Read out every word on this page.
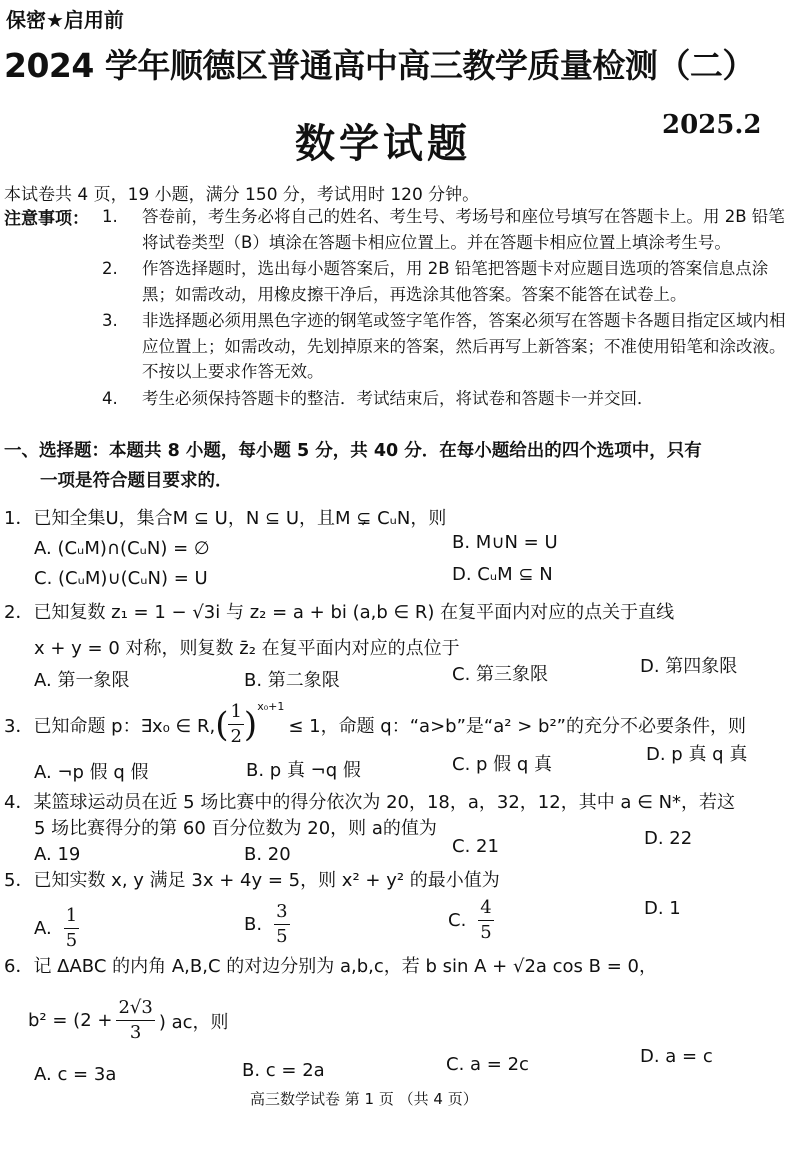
保密★启用前
2024 学年顺德区普通高中高三教学质量检测（二）
数学试题	2025.2
本试卷共 4 页，19 小题，满分 150 分，考试用时 120 分钟。
注意事项： 1.	答卷前，考生务必将自己的姓名、考生号、考场号和座位号填写在答题卡上。用 2B 铅笔将试卷类型（B）填涂在答题卡相应位置上。并在答题卡相应位置上填涂考生号。
2.	作答选择题时，选出每小题答案后，用 2B 铅笔把答题卡对应题目选项的答案信息点涂黑；如需改动，用橡皮擦干净后，再选涂其他答案。答案不能答在试卷上。
3.	非选择题必须用黑色字迹的钢笔或签字笔作答，答案必须写在答题卡各题目指定区域内相应位置上；如需改动，先划掉原来的答案，然后再写上新答案；不准使用铅笔和涂改液。不按以上要求作答无效。
4.	考生必须保持答题卡的整洁．考试结束后，将试卷和答题卡一并交回．
一、选择题：本题共 8 小题，每小题 5 分，共 40 分．在每小题给出的四个选项中，只有
一项是符合题目要求的．
1．已知全集U，集合M ⊆ U，N ⊆ U，且M ⊊ CᵤN，则
A. (CᵤM)∩(CᵤN) = ∅	B. M∪N = U
C. (CᵤM)∪(CᵤN) = U	D. CᵤM ⊆ N
2．已知复数 z₁ = 1 − √3i 与 z₂ = a + bi (a,b ∈ R) 在复平面内对应的点关于直线
x + y = 0 对称，则复数 z̄₂ 在复平面内对应的点位于
A. 第一象限	B. 第二象限	C. 第三象限	D. 第四象限
3．已知命题 p：∃x₀ ∈ R, ( $\frac{1}{2} )^{x_0+1}$
≤ 1，命题 q：“a>b”是“a² > b²”的充分不必要条件，则
A. ¬p 假 q 假	B. p 真 ¬q 假	C. p 假 q 真	D. p 真 q 真
4．某篮球运动员在近 5 场比赛中的得分依次为 20，18，a，32，12，其中 a ∈ N*，若这
5 场比赛得分的第 60 百分位数为 20，则 a的值为
A. 19	B. 20	C. 21	D. 22
5．已知实数 x, y 满足 3x + 4y = 5，则 x² + y² 的最小值为
A. $\frac{1}{5}$	B. $\frac{3}{5}$	C. $\frac{4}{5}$	D. 1
6．记 ΔABC 的内角 A,B,C 的对边分别为 a,b,c，若 b sin A + √2a cos B = 0，
$b^2 = (2 + \frac{2√3}{3}$ ) ac，则
A. c = 3a	B. c = 2a	C. a = 2c	D. a = c
高三数学试卷 第 1 页 （共 4 页）
